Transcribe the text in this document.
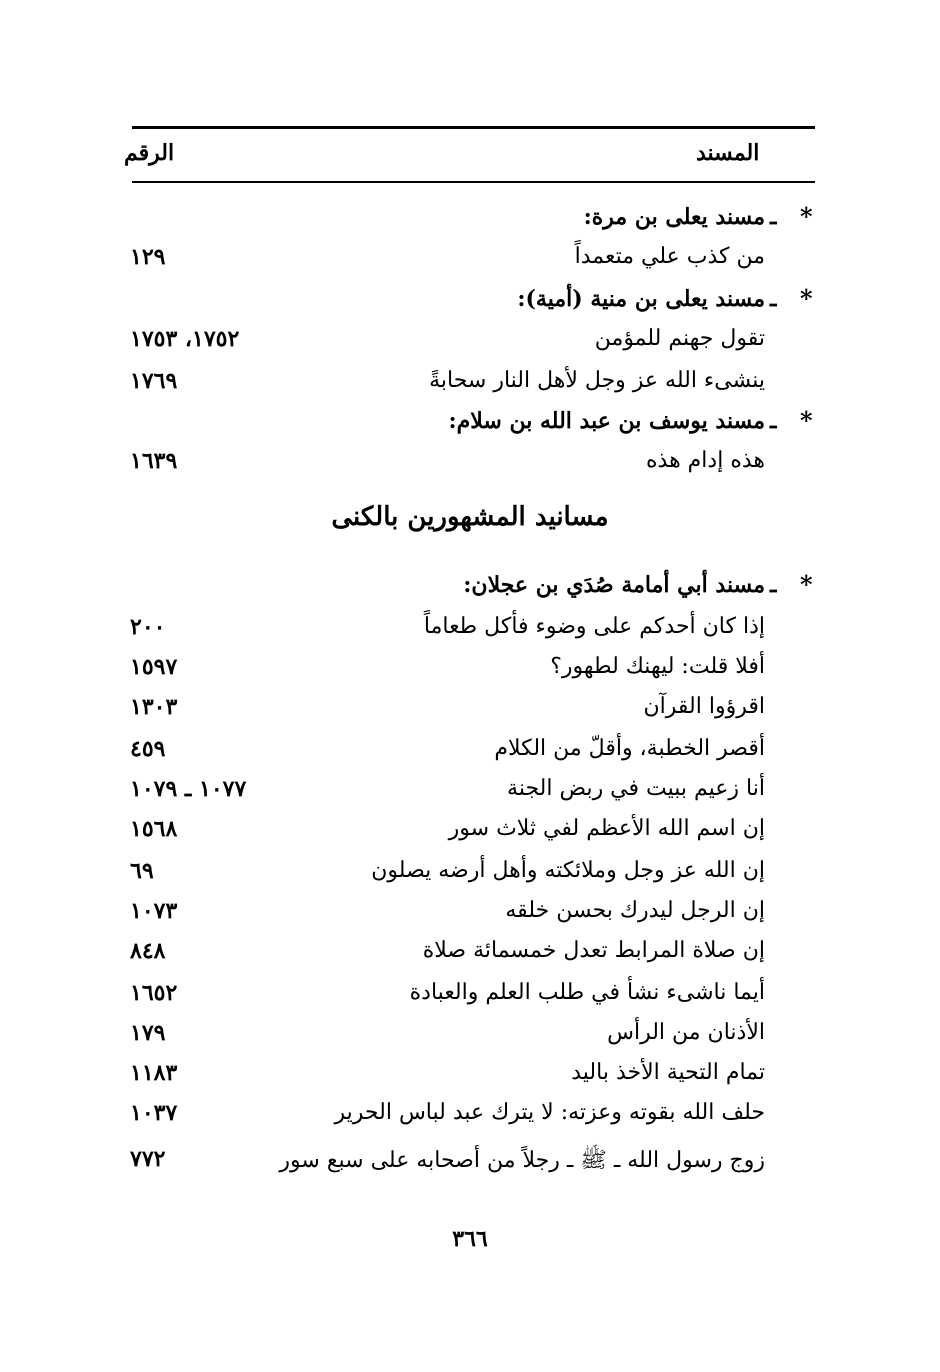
الرقم	المسند
*
ـ
مسند يعلى بن مرة:
من كذب علي متعمداً
١٢٩
*
ـ
مسند يعلى بن منية (أمية):
تقول جهنم للمؤمن
١٧٥٢، ١٧٥٣
ينشىء الله عز وجل لأهل النار سحابةً
١٧٦٩
*
ـ
مسند يوسف بن عبد الله بن سلام:
هذه إدام هذه
١٦٣٩
مسانيد المشهورين بالكنى
*
ـ
مسند أبي أمامة صُدَي بن عجلان:
إذا كان أحدكم على وضوء فأكل طعاماً
٢٠٠
أفلا قلت: ليهنك لطهور؟
١٥٩٧
اقرؤوا القرآن
١٣٠٣
أقصر الخطبة، وأقلّ من الكلام
٤٥٩
أنا زعيم ببيت في ربض الجنة
١٠٧٧ ـ ١٠٧٩
إن اسم الله الأعظم لفي ثلاث سور
١٥٦٨
إن الله عز وجل وملائكته وأهل أرضه يصلون
٦٩
إن الرجل ليدرك بحسن خلقه
١٠٧٣
إن صلاة المرابط تعدل خمسمائة صلاة
٨٤٨
أيما ناشىء نشأ في طلب العلم والعبادة
١٦٥٢
الأذنان من الرأس
١٧٩
تمام التحية الأخذ باليد
١١٨٣
حلف الله بقوته وعزته: لا يترك عبد لباس الحرير
١٠٣٧
زوج رسول الله ـ ﷺ ـ رجلاً من أصحابه على سبع سور
٧٧٢
٣٦٦
